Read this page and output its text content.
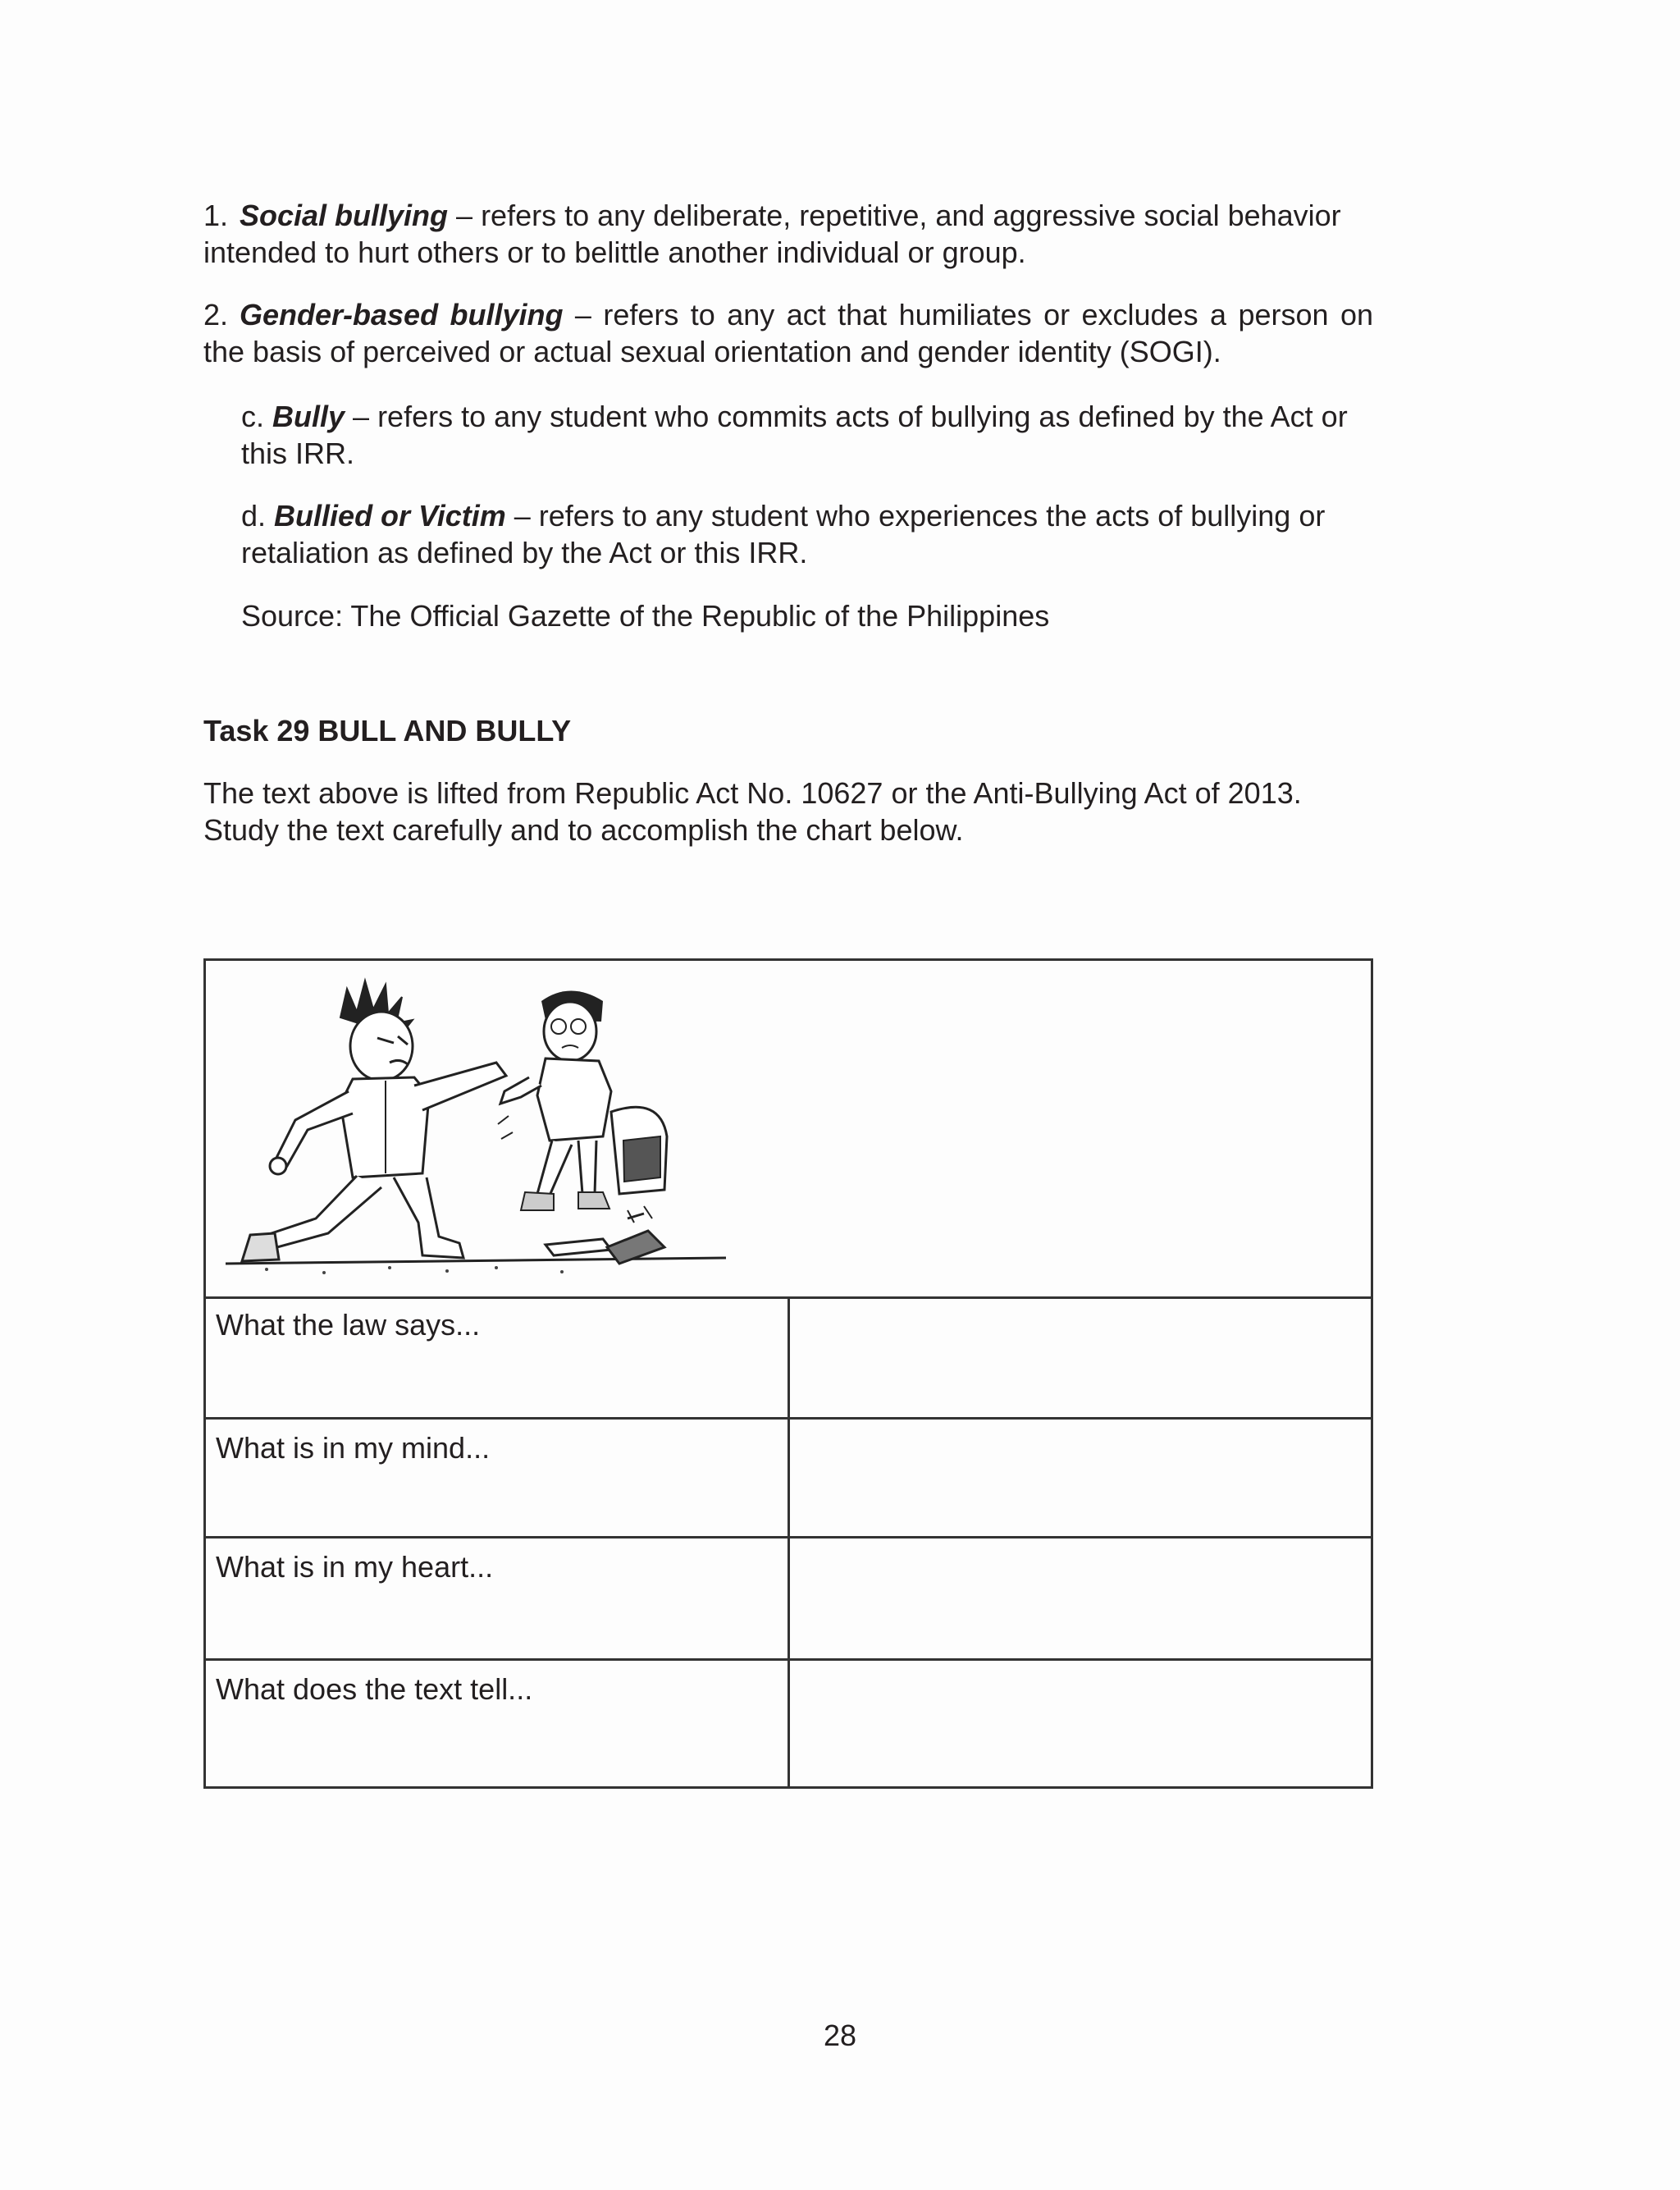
1. Social bullying – refers to any deliberate, repetitive, and aggressive social behavior intended to hurt others or to belittle another individual or group.

2. Gender-based bullying – refers to any act that humiliates or excludes a person on the basis of perceived or actual sexual orientation and gender identity (SOGI).

c. Bully – refers to any student who commits acts of bullying as defined by the Act or this IRR.

d. Bullied or Victim – refers to any student who experiences the acts of bullying or retaliation as defined by the Act or this IRR.

Source: The Official Gazette of the Republic of the Philippines

Task 29 BULL AND BULLY

The text above is lifted from Republic Act No. 10627 or the Anti-Bullying Act of 2013. Study the text carefully and to accomplish the chart below.

What the law says...
What is in my mind...
What is in my heart...
What does the text tell...
28
